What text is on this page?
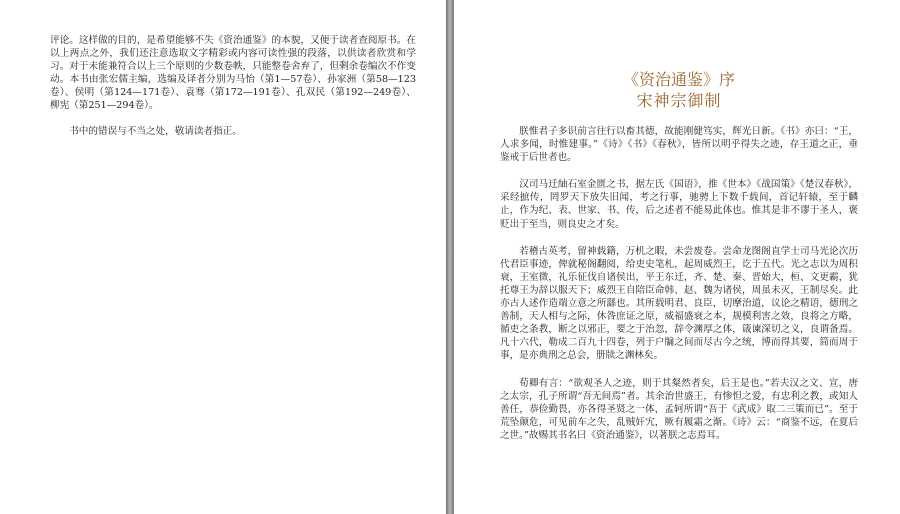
评论。这样做的目的，是希望能够不失《资治通鉴》的本貌，又便于读者查阅原书。在以上两点之外，我们还注意选取文字精彩或内容可读性强的段落，以供读者欣赏和学习。对于未能兼符合以上三个原则的少数卷帙，只能整卷舍弃了，但剩余卷编次不作变动。本书由张宏儒主编，选编及译者分别为马怡（第1—57卷）、孙家洲（第58—123卷）、侯明（第124—171卷）、袁骞（第172—191卷）、孔双民（第192—249卷）、柳宪（第251—294卷）。

书中的错误与不当之处，敬请读者指正。

《资治通鉴》序

宋神宗御制

朕惟君子多识前言往行以畜其德，故能刚健笃实，辉光日新。《书》亦曰：“王，人求多闻，时惟建事。”《诗》《书》《春秋》，皆所以明乎得失之迹，存王道之正，垂鉴戒于后世者也。

汉司马迁紬石室金匮之书，据左氏《国语》，推《世本》《战国策》《楚汉春秋》，采经摭传，罔罗天下放失旧闻，考之行事，驰骋上下数千载间，首记轩辕，至于麟止，作为纪、表、世家、书、传，后之述者不能易此体也。惟其是非不谬于圣人，褒贬出于至当，则良史之才矣。

若稽古英考，留神载籍，万机之暇，未尝废卷。尝命龙图阁直学士司马光论次历代君臣事迹，俾就秘阁翻阅，给吏史笔札，起周威烈王，讫于五代。光之志以为周积衰，王室微，礼乐征伐自诸侯出，平王东迁，齐、楚、秦、晋始大，桓、文更霸，犹托尊王为辞以服天下；威烈王自陪臣命韩、赵、魏为诸侯，周虽未灭，王制尽矣。此亦古人述作造端立意之所繇也。其所载明君、良臣，切摩治道，议论之精语，德刑之善制，天人相与之际，休咎庶证之原，威福盛衰之本，规模利害之效，良将之方略，循吏之条教，断之以邪正，要之于治忽，辞令渊厚之体，箴谏深切之义，良谓备焉。凡十六代，勒成二百九十四卷，列于户牖之间而尽古今之统，博而得其要，简而周于事，是亦典刑之总会，册牍之渊林矣。

荀卿有言：“欲观圣人之迹，则于其粲然者矣，后王是也。”若夫汉之文、宣，唐之太宗，孔子所谓“吾无间焉”者。其余治世盛王，有惨怛之爱，有忠利之教，或知人善任，恭俭勤畏，亦各得圣贤之一体，孟轲所谓“吾于《武成》取二三策而已”。至于荒坠颠危，可见前车之失，乱贼奸宄，厥有履霜之渐。《诗》云：“商鉴不远，在夏后之世。”故赐其书名曰《资治通鉴》，以著朕之志焉耳。
